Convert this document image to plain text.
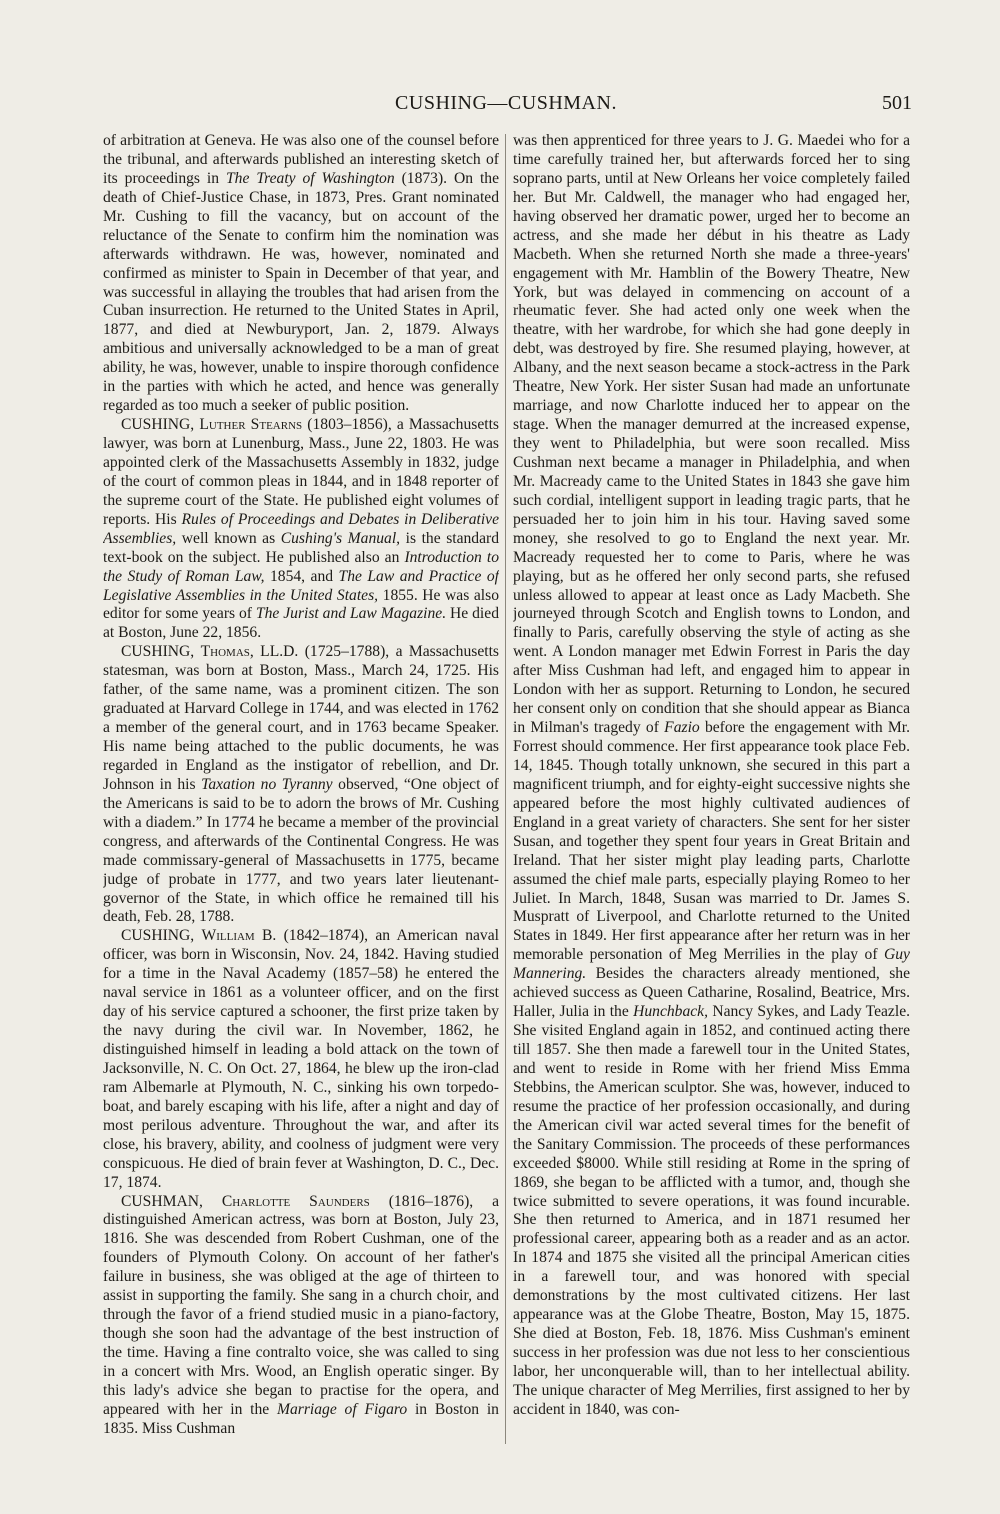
CUSHING—CUSHMAN.	501

of arbitration at Geneva. He was also one of the counsel before the tribunal, and afterwards published an interesting sketch of its proceedings in The Treaty of Washington (1873). On the death of Chief-Justice Chase, in 1873, Pres. Grant nominated Mr. Cushing to fill the vacancy, but on account of the reluctance of the Senate to confirm him the nomination was afterwards withdrawn. He was, however, nominated and confirmed as minister to Spain in December of that year, and was successful in allaying the troubles that had arisen from the Cuban insurrection. He returned to the United States in April, 1877, and died at Newburyport, Jan. 2, 1879. Always ambitious and universally acknowledged to be a man of great ability, he was, however, unable to inspire thorough confidence in the parties with which he acted, and hence was generally regarded as too much a seeker of public position.

CUSHING, Luther Stearns (1803–1856), a Massachusetts lawyer, was born at Lunenburg, Mass., June 22, 1803. He was appointed clerk of the Massachusetts Assembly in 1832, judge of the court of common pleas in 1844, and in 1848 reporter of the supreme court of the State. He published eight volumes of reports. His Rules of Proceedings and Debates in Deliberative Assemblies, well known as Cushing's Manual, is the standard text-book on the subject. He published also an Introduction to the Study of Roman Law, 1854, and The Law and Practice of Legislative Assemblies in the United States, 1855. He was also editor for some years of The Jurist and Law Magazine. He died at Boston, June 22, 1856.

CUSHING, Thomas, LL.D. (1725–1788), a Massachusetts statesman, was born at Boston, Mass., March 24, 1725. His father, of the same name, was a prominent citizen. The son graduated at Harvard College in 1744, and was elected in 1762 a member of the general court, and in 1763 became Speaker. His name being attached to the public documents, he was regarded in England as the instigator of rebellion, and Dr. Johnson in his Taxation no Tyranny observed, “One object of the Americans is said to be to adorn the brows of Mr. Cushing with a diadem.” In 1774 he became a member of the provincial congress, and afterwards of the Continental Congress. He was made commissary-general of Massachusetts in 1775, became judge of probate in 1777, and two years later lieutenant-governor of the State, in which office he remained till his death, Feb. 28, 1788.

CUSHING, William B. (1842–1874), an American naval officer, was born in Wisconsin, Nov. 24, 1842. Having studied for a time in the Naval Academy (1857–58) he entered the naval service in 1861 as a volunteer officer, and on the first day of his service captured a schooner, the first prize taken by the navy during the civil war. In November, 1862, he distinguished himself in leading a bold attack on the town of Jacksonville, N. C. On Oct. 27, 1864, he blew up the iron-clad ram Albemarle at Plymouth, N. C., sinking his own torpedo-boat, and barely escaping with his life, after a night and day of most perilous adventure. Throughout the war, and after its close, his bravery, ability, and coolness of judgment were very conspicuous. He died of brain fever at Washington, D. C., Dec. 17, 1874.

CUSHMAN, Charlotte Saunders (1816–1876), a distinguished American actress, was born at Boston, July 23, 1816. She was descended from Robert Cushman, one of the founders of Plymouth Colony. On account of her father's failure in business, she was obliged at the age of thirteen to assist in supporting the family. She sang in a church choir, and through the favor of a friend studied music in a piano-factory, though she soon had the advantage of the best instruction of the time. Having a fine contralto voice, she was called to sing in a concert with Mrs. Wood, an English operatic singer. By this lady's advice she began to practise for the opera, and appeared with her in the Marriage of Figaro in Boston in 1835. Miss Cushman

was then apprenticed for three years to J. G. Maedei who for a time carefully trained her, but afterwards forced her to sing soprano parts, until at New Orleans her voice completely failed her. But Mr. Caldwell, the manager who had engaged her, having observed her dramatic power, urged her to become an actress, and she made her début in his theatre as Lady Macbeth. When she returned North she made a three-years' engagement with Mr. Hamblin of the Bowery Theatre, New York, but was delayed in commencing on account of a rheumatic fever. She had acted only one week when the theatre, with her wardrobe, for which she had gone deeply in debt, was destroyed by fire. She resumed playing, however, at Albany, and the next season became a stock-actress in the Park Theatre, New York. Her sister Susan had made an unfortunate marriage, and now Charlotte induced her to appear on the stage. When the manager demurred at the increased expense, they went to Philadelphia, but were soon recalled. Miss Cushman next became a manager in Philadelphia, and when Mr. Macready came to the United States in 1843 she gave him such cordial, intelligent support in leading tragic parts, that he persuaded her to join him in his tour. Having saved some money, she resolved to go to England the next year. Mr. Macready requested her to come to Paris, where he was playing, but as he offered her only second parts, she refused unless allowed to appear at least once as Lady Macbeth. She journeyed through Scotch and English towns to London, and finally to Paris, carefully observing the style of acting as she went. A London manager met Edwin Forrest in Paris the day after Miss Cushman had left, and engaged him to appear in London with her as support. Returning to London, he secured her consent only on condition that she should appear as Bianca in Milman's tragedy of Fazio before the engagement with Mr. Forrest should commence. Her first appearance took place Feb. 14, 1845. Though totally unknown, she secured in this part a magnificent triumph, and for eighty-eight successive nights she appeared before the most highly cultivated audiences of England in a great variety of characters. She sent for her sister Susan, and together they spent four years in Great Britain and Ireland. That her sister might play leading parts, Charlotte assumed the chief male parts, especially playing Romeo to her Juliet. In March, 1848, Susan was married to Dr. James S. Muspratt of Liverpool, and Charlotte returned to the United States in 1849. Her first appearance after her return was in her memorable personation of Meg Merrilies in the play of Guy Mannering. Besides the characters already mentioned, she achieved success as Queen Catharine, Rosalind, Beatrice, Mrs. Haller, Julia in the Hunchback, Nancy Sykes, and Lady Teazle. She visited England again in 1852, and continued acting there till 1857. She then made a farewell tour in the United States, and went to reside in Rome with her friend Miss Emma Stebbins, the American sculptor. She was, however, induced to resume the practice of her profession occasionally, and during the American civil war acted several times for the benefit of the Sanitary Commission. The proceeds of these performances exceeded $8000. While still residing at Rome in the spring of 1869, she began to be afflicted with a tumor, and, though she twice submitted to severe operations, it was found incurable. She then returned to America, and in 1871 resumed her professional career, appearing both as a reader and as an actor. In 1874 and 1875 she visited all the principal American cities in a farewell tour, and was honored with special demonstrations by the most cultivated citizens. Her last appearance was at the Globe Theatre, Boston, May 15, 1875. She died at Boston, Feb. 18, 1876. Miss Cushman's eminent success in her profession was due not less to her conscientious labor, her unconquerable will, than to her intellectual ability. The unique character of Meg Merrilies, first assigned to her by accident in 1840, was con-
